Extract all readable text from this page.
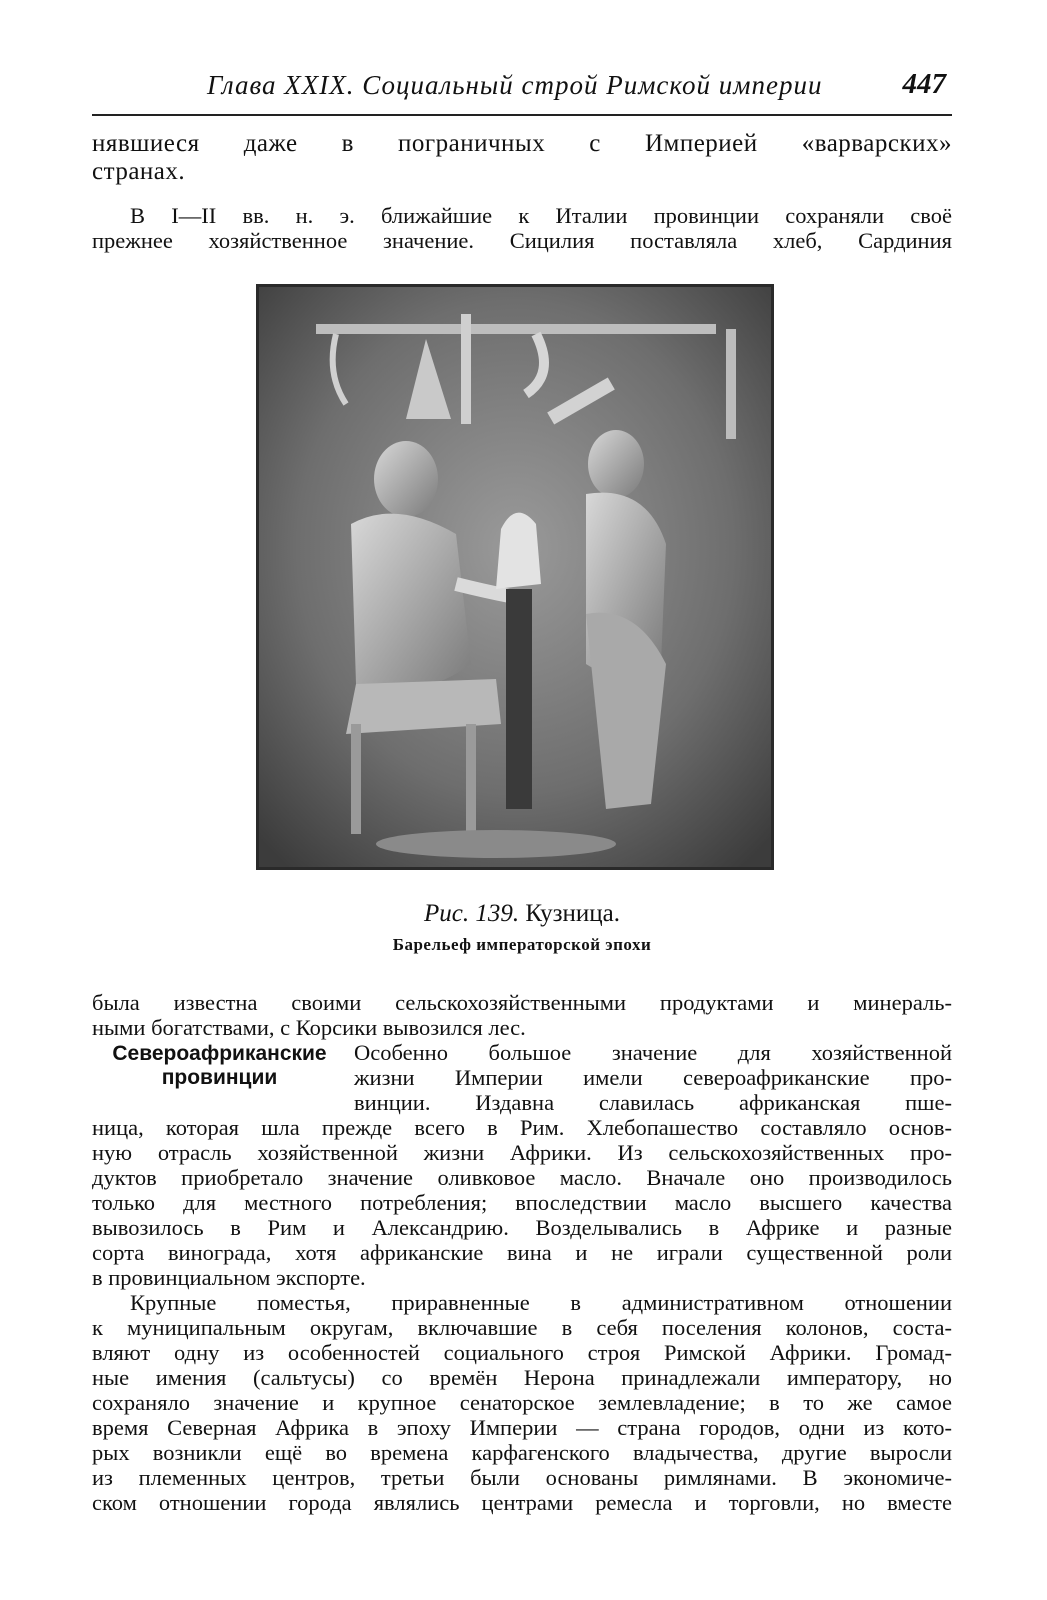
Глава XXIX. Социальный строй Римской империи	447
нявшиеся даже в пограничных с Империей «варварских»
странах.
В I—II вв. н. э. ближайшие к Италии провинции сохраняли своё
прежнее хозяйственное значение. Сицилия поставляла хлеб, Сардиния
Рис. 139. Кузница.
Барельеф императорской эпохи
была известна своими сельскохозяйственными продуктами и минераль-
ными богатствами, с Корсики вывозился лес.
Североафриканские провинции
Особенно большое значение для хозяйственной
жизни Империи имели североафриканские про-
винции. Издавна славилась африканская пше-
ница, которая шла прежде всего в Рим. Хлебопашество составляло основ-
ную отрасль хозяйственной жизни Африки. Из сельскохозяйственных про-
дуктов приобретало значение оливковое масло. Вначале оно производилось
только для местного потребления; впоследствии масло высшего качества
вывозилось в Рим и Александрию. Возделывались в Африке и разные
сорта винограда, хотя африканские вина и не играли существенной роли
в провинциальном экспорте.
Крупные поместья, приравненные в административном отношении
к муниципальным округам, включавшие в себя поселения колонов, соста-
вляют одну из особенностей социального строя Римской Африки. Громад-
ные имения (сальтусы) со времён Нерона принадлежали императору, но
сохраняло значение и крупное сенаторское землевладение; в то же самое
время Северная Африка в эпоху Империи — страна городов, одни из кото-
рых возникли ещё во времена карфагенского владычества, другие выросли
из племенных центров, третьи были основаны римлянами. В экономиче-
ском отношении города являлись центрами ремесла и торговли, но вместе
